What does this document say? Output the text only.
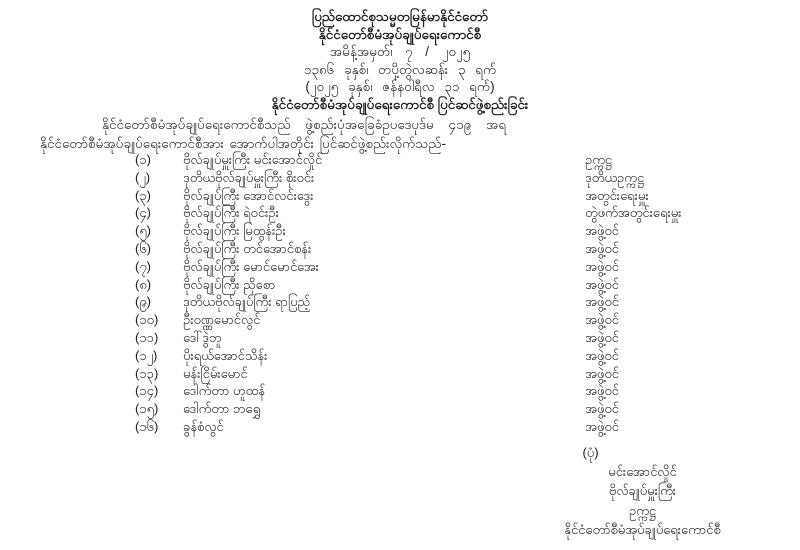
ပြည်ထောင်စုသမ္မတမြန်မာနိုင်ငံတော်
နိုင်ငံတော်စီမံအုပ်ချုပ်ရေးကောင်စီ
အမိန့်အမှတ်၊ ၇ / ၂၀၂၅
၁၃၈၆ ခုနှစ်၊ တပို့တွဲလဆန်း ၃ ရက်
(၂၀၂၅ ခုနှစ်၊ ဇန်နဝါရီလ ၃၁ ရက်)
နိုင်ငံတော်စီမံအုပ်ချုပ်ရေးကောင်စီ ပြင်ဆင်ဖွဲ့စည်းခြင်း
နိုင်ငံတော်စီမံအုပ်ချုပ်ရေးကောင်စီသည် ဖွဲ့စည်းပုံအခြေခံဥပဒေပုဒ်မ ၄၁၉ အရ
နိုင်ငံတော်စီမံအုပ်ချုပ်ရေးကောင်စီအား အောက်ပါအတိုင်း ပြင်ဆင်ဖွဲ့စည်းလိုက်သည်-
(၁)	ဗိုလ်ချုပ်မှူးကြီး မင်းအောင်လှိုင်	ဥက္ကဋ္ဌ
(၂)	ဒုတိယဗိုလ်ချုပ်မှူးကြီး စိုးဝင်း	ဒုတိယဥက္ကဋ္ဌ
(၃)	ဗိုလ်ချုပ်ကြီး အောင်လင်းဒွေး	အတွင်းရေးမှူး
(၄)	ဗိုလ်ချုပ်ကြီး ရဲဝင်းဦး	တွဲဖက်အတွင်းရေးမှူး
(၅)	ဗိုလ်ချုပ်ကြီး မြထွန်းဦး	အဖွဲ့ဝင်
(၆)	ဗိုလ်ချုပ်ကြီး တင်အောင်စန်း	အဖွဲ့ဝင်
(၇)	ဗိုလ်ချုပ်ကြီး မောင်မောင်အေး	အဖွဲ့ဝင်
(၈)	ဗိုလ်ချုပ်ကြီး ညိုစော	အဖွဲ့ဝင်
(၉)	ဒုတိယဗိုလ်ချုပ်ကြီး ရာပြည့်	အဖွဲ့ဝင်
(၁၀)	ဦးဝဏ္ဏမောင်လွင်	အဖွဲ့ဝင်
(၁၁)	ဒေါ်ဒွဲဘူ	အဖွဲ့ဝင်
(၁၂)	ပိုးရယ်အောင်သိန်း	အဖွဲ့ဝင်
(၁၃)	မန်းငြိမ်းမောင်	အဖွဲ့ဝင်
(၁၄)	ဒေါက်တာ ဟူထန်	အဖွဲ့ဝင်
(၁၅)	ဒေါက်တာ ဘရွှေ	အဖွဲ့ဝင်
(၁၆)	ခွန်စံလွင်	အဖွဲ့ဝင်
(ပုံ)
မင်းအောင်လှိုင်
ဗိုလ်ချုပ်မှူးကြီး
ဥက္ကဋ္ဌ
နိုင်ငံတော်စီမံအုပ်ချုပ်ရေးကောင်စီ
